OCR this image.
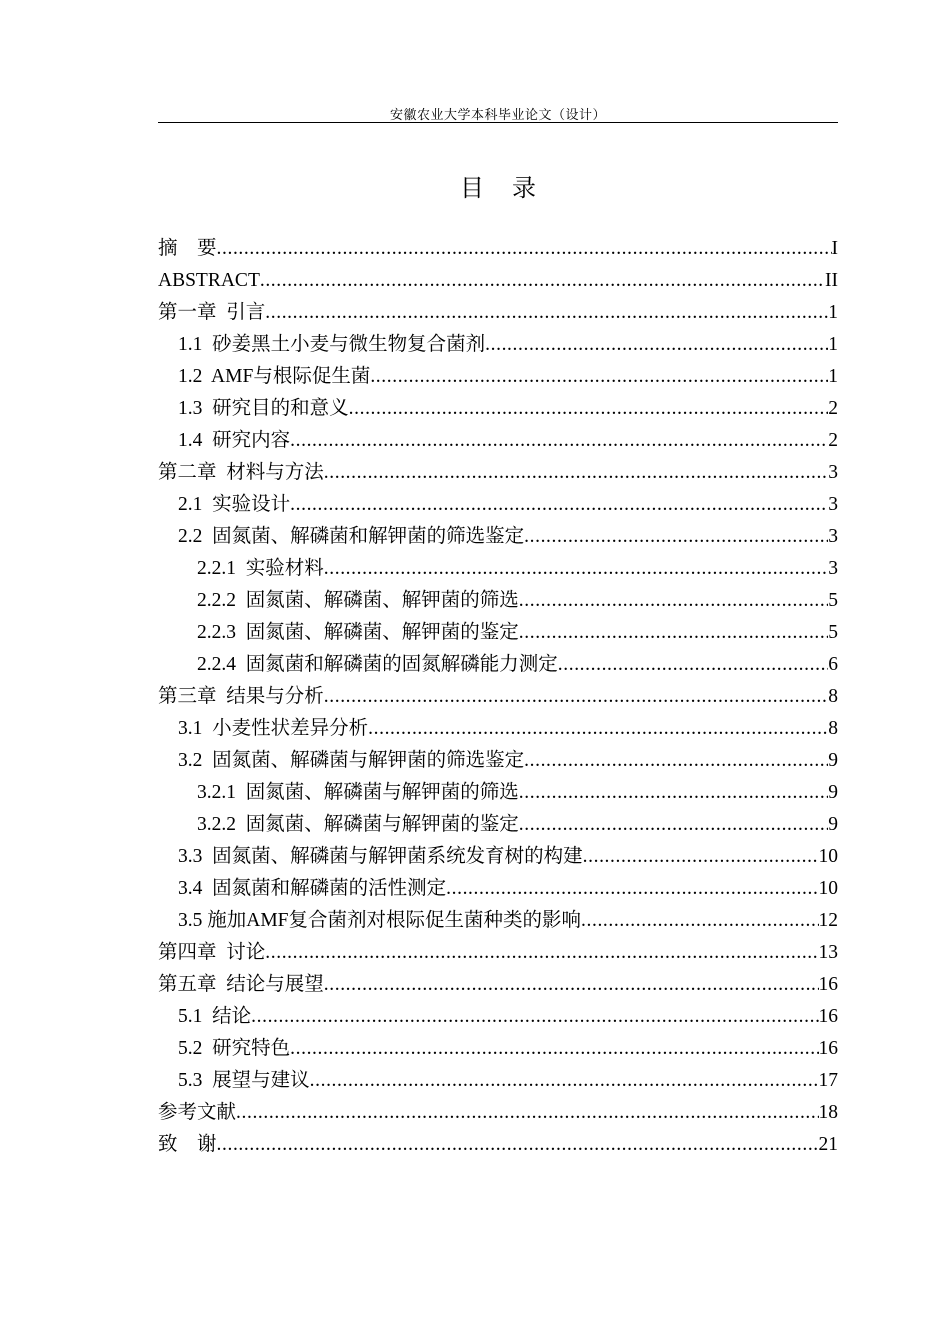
安徽农业大学本科毕业论文（设计）
目录
摘    要 .....	I
ABSTRACT .....	II
第一章  引言 .....	1
1.1  砂姜黑土小麦与微生物复合菌剂 .....	1
1.2  AMF与根际促生菌 .....	1
1.3  研究目的和意义 .....	2
1.4  研究内容 .....	2
第二章  材料与方法 .....	3
2.1  实验设计 .....	3
2.2  固氮菌、解磷菌和解钾菌的筛选鉴定 .....	3
2.2.1  实验材料 .....	3
2.2.2  固氮菌、解磷菌、解钾菌的筛选 .....	5
2.2.3  固氮菌、解磷菌、解钾菌的鉴定 .....	5
2.2.4  固氮菌和解磷菌的固氮解磷能力测定 .....	6
第三章  结果与分析 .....	8
3.1  小麦性状差异分析 .....	8
3.2  固氮菌、解磷菌与解钾菌的筛选鉴定 .....	9
3.2.1  固氮菌、解磷菌与解钾菌的筛选 .....	9
3.2.2  固氮菌、解磷菌与解钾菌的鉴定 .....	9
3.3  固氮菌、解磷菌与解钾菌系统发育树的构建 .....	10
3.4  固氮菌和解磷菌的活性测定 .....	10
3.5 施加AMF复合菌剂对根际促生菌种类的影响 .....	12
第四章  讨论 .....	13
第五章  结论与展望 .....	16
5.1  结论 .....	16
5.2  研究特色 .....	16
5.3  展望与建议 .....	17
参考文献 .....	18
致    谢 .....	21
